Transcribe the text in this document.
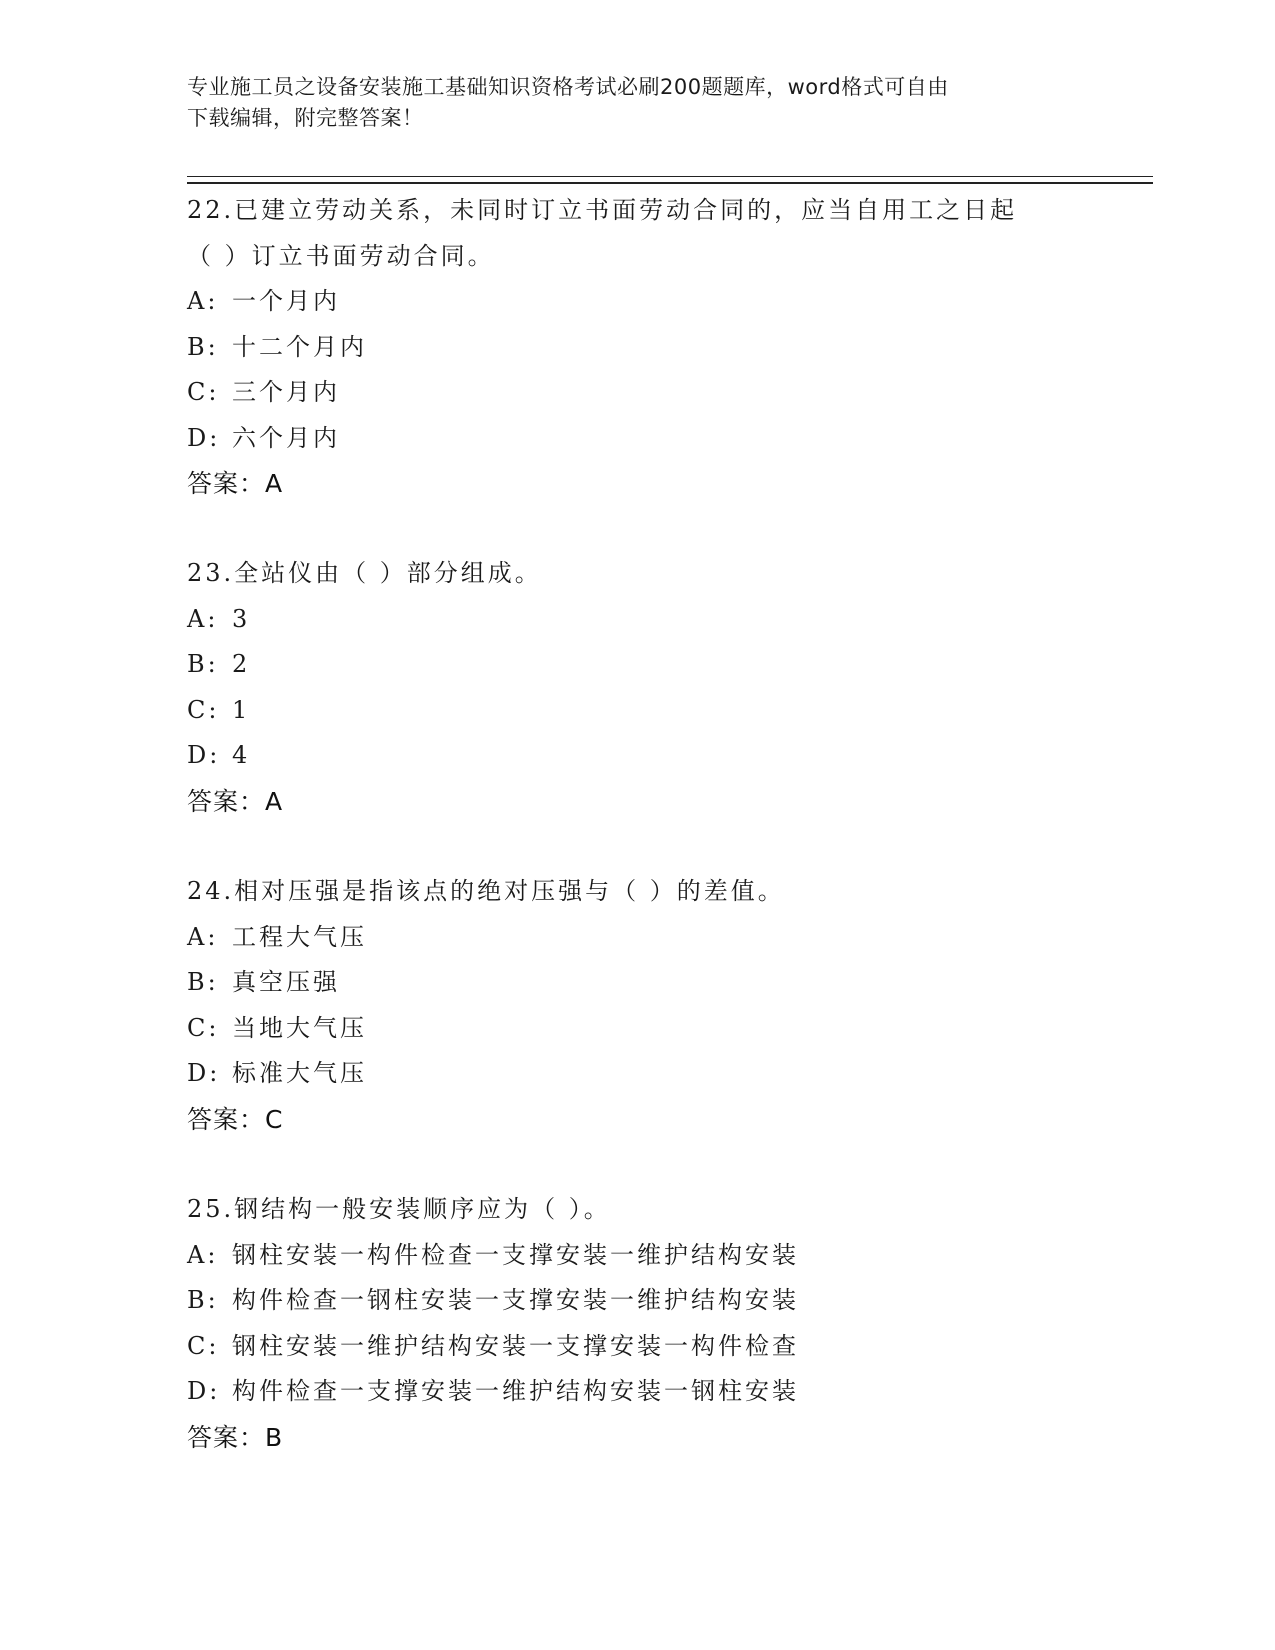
专业施工员之设备安装施工基础知识资格考试必刷200题题库，word格式可自由
下载编辑，附完整答案！
22.已建立劳动关系，未同时订立书面劳动合同的，应当自用工之日起
（ ）订立书面劳动合同。
A: 一个月内
B: 十二个月内
C: 三个月内
D: 六个月内
答案：A
23.全站仪由（ ）部分组成。
A: 3
B: 2
C: 1
D: 4
答案：A
24.相对压强是指该点的绝对压强与（ ）的差值。
A: 工程大气压
B: 真空压强
C: 当地大气压
D: 标准大气压
答案：C
25.钢结构一般安装顺序应为（ ）。
A: 钢柱安装一构件检查一支撑安装一维护结构安装
B: 构件检查一钢柱安装一支撑安装一维护结构安装
C: 钢柱安装一维护结构安装一支撑安装一构件检查
D: 构件检查一支撑安装一维护结构安装一钢柱安装
答案：B
